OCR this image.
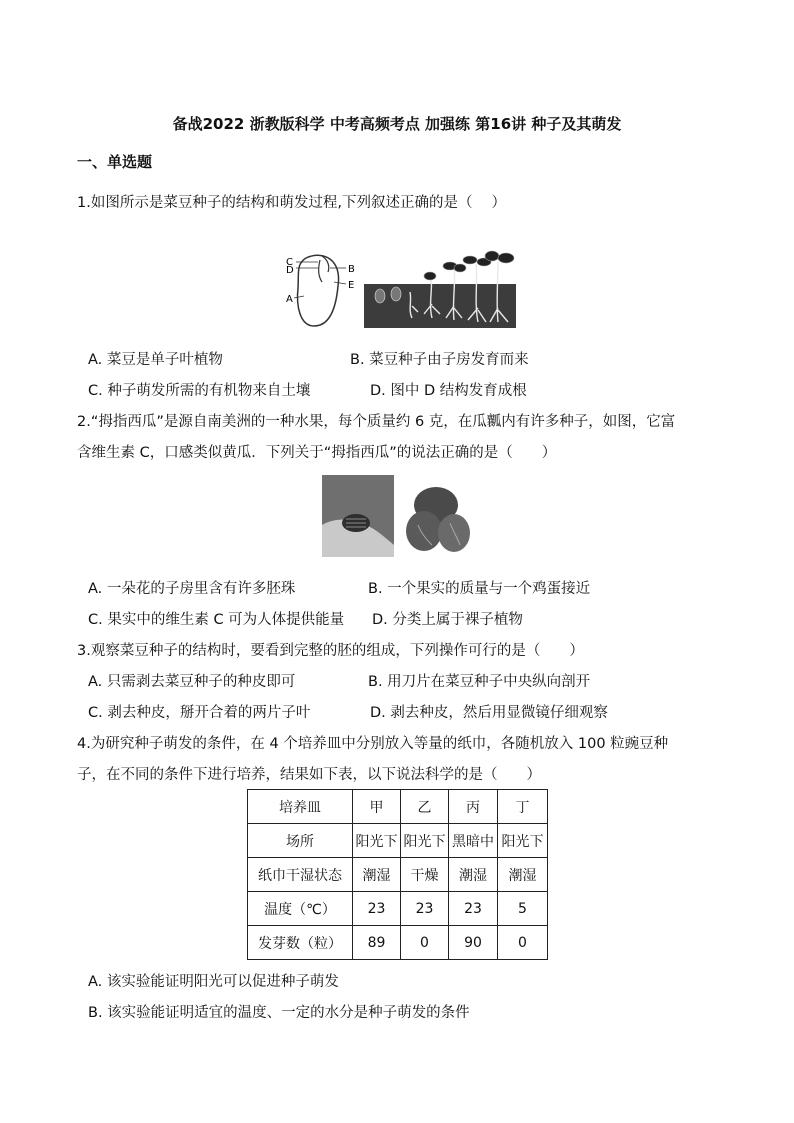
备战2022 浙教版科学 中考高频考点 加强练 第16讲 种子及其萌发
一、单选题
1.如图所示是菜豆种子的结构和萌发过程,下列叙述正确的是（　 ）
C
D	B
E
A
A. 菜豆是单子叶植物	B. 菜豆种子由子房发育而来
C. 种子萌发所需的有机物来自土壤	D. 图中 D 结构发育成根
2.“拇指西瓜”是源自南美洲的一种水果，每个质量约 6 克，在瓜瓤内有许多种子，如图，它富
含维生素 C，口感类似黄瓜．下列关于“拇指西瓜”的说法正确的是（　　）
A. 一朵花的子房里含有许多胚珠	B. 一个果实的质量与一个鸡蛋接近
C. 果实中的维生素 C 可为人体提供能量 D. 分类上属于裸子植物
3.观察菜豆种子的结构时，要看到完整的胚的组成，下列操作可行的是（　　）
A. 只需剥去菜豆种子的种皮即可	B. 用刀片在菜豆种子中央纵向剖开
C. 剥去种皮，掰开合着的两片子叶	D. 剥去种皮，然后用显微镜仔细观察
4.为研究种子萌发的条件，在 4 个培养皿中分别放入等量的纸巾，各随机放入 100 粒豌豆种
子，在不同的条件下进行培养，结果如下表，以下说法科学的是（　　）
培养皿	甲	乙	丙	丁
场所	阳光下	阳光下	黑暗中	阳光下
纸巾干湿状态	潮湿	干燥	潮湿	潮湿
温度（℃）	23	23	23	5
发芽数（粒）	89	0	90	0
A. 该实验能证明阳光可以促进种子萌发
B. 该实验能证明适宜的温度、一定的水分是种子萌发的条件
